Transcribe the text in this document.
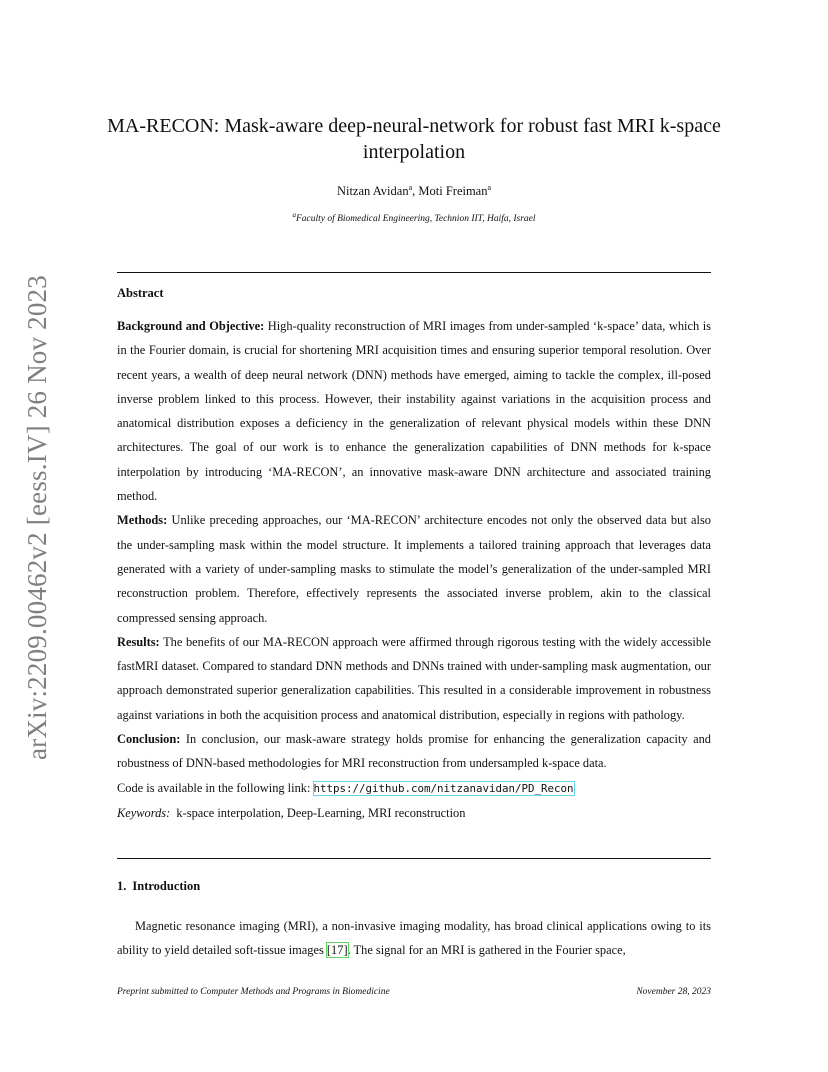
arXiv:2209.00462v2 [eess.IV] 26 Nov 2023
MA-RECON: Mask-aware deep-neural-network for robust fast MRI k-space interpolation
Nitzan Avidan$^a$, Moti Freiman$^a$
$^a$Faculty of Biomedical Engineering, Technion IIT, Haifa, Israel
Abstract

Background and Objective: High-quality reconstruction of MRI images from under-sampled ‘k-space’ data, which is in the Fourier domain, is crucial for shortening MRI acquisition times and ensuring superior temporal resolution. Over recent years, a wealth of deep neural network (DNN) methods have emerged, aiming to tackle the complex, ill-posed inverse problem linked to this process. However, their instability against variations in the acquisition process and anatomical distribution exposes a deficiency in the generalization of relevant physical models within these DNN architectures. The goal of our work is to enhance the generalization capabilities of DNN methods for k-space interpolation by introducing ‘MA-RECON’, an innovative mask-aware DNN architecture and associated training method.

Methods: Unlike preceding approaches, our ‘MA-RECON’ architecture encodes not only the observed data but also the under-sampling mask within the model structure. It implements a tailored training approach that leverages data generated with a variety of under-sampling masks to stimulate the model’s generalization of the under-sampled MRI reconstruction problem. Therefore, effectively represents the associated inverse problem, akin to the classical compressed sensing approach.

Results: The benefits of our MA-RECON approach were affirmed through rigorous testing with the widely accessible fastMRI dataset. Compared to standard DNN methods and DNNs trained with under-sampling mask augmentation, our approach demonstrated superior generalization capabilities. This resulted in a considerable improvement in robustness against variations in both the acquisition process and anatomical distribution, especially in regions with pathology.

Conclusion: In conclusion, our mask-aware strategy holds promise for enhancing the generalization capacity and robustness of DNN-based methodologies for MRI reconstruction from undersampled k-space data.

Code is available in the following link: https://github.com/nitzanavidan/PD_Recon

Keywords:  k-space interpolation, Deep-Learning, MRI reconstruction

1. Introduction

Magnetic resonance imaging (MRI), a non-invasive imaging modality, has broad clinical applications owing to its ability to yield detailed soft-tissue images [17]. The signal for an MRI is gathered in the Fourier space,

Preprint submitted to Computer Methods and Programs in Biomedicine	November 28, 2023
